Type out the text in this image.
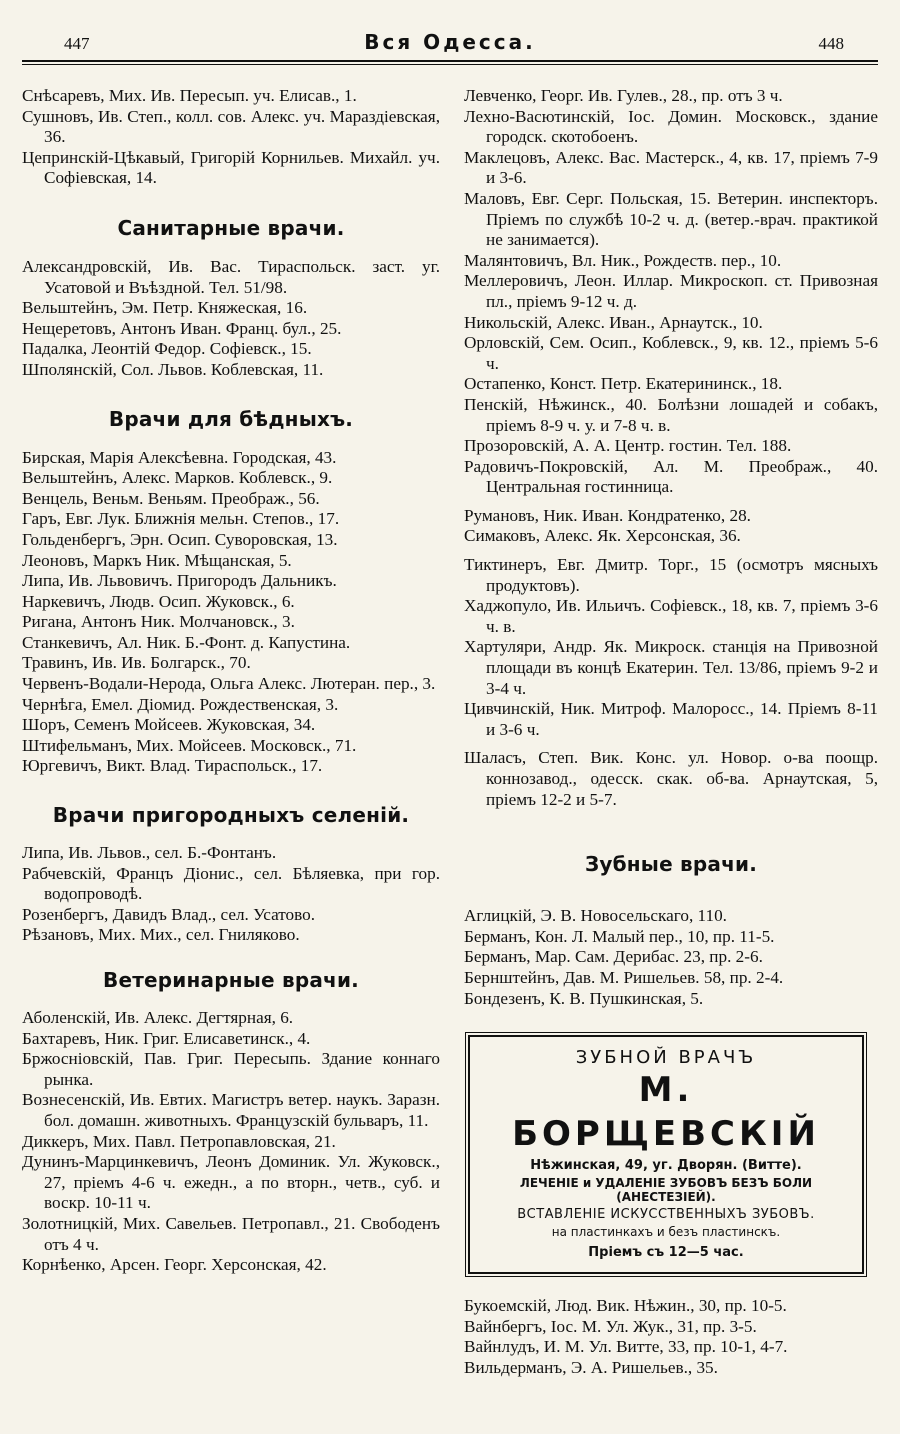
447	Вся Одесса.	448

Снѣсаревъ, Мих. Ив. Пересып. уч. Елисав., 1.

Сушновъ, Ив. Степ., колл. сов. Алекс. уч. Мараздіевская, 36.

Цепринскій-Цѣкавый, Григорій Корнильев. Михайл. уч. Софіевская, 14.

Санитарные врачи.

Александровскій, Ив. Вас. Тираспольск. заст. уг. Усатовой и Въѣздной. Тел. 51/98.

Вельштейнъ, Эм. Петр. Княжеская, 16.

Нещеретовъ, Антонъ Иван. Франц. бул., 25.

Падалка, Леонтій Федор. Софіевск., 15.

Шполянскій, Сол. Львов. Коблевская, 11.

Врачи для бѣдныхъ.

Бирская, Марія Алексѣевна. Городская, 43.

Вельштейнъ, Алекс. Марков. Коблевск., 9.

Венцель, Веньм. Веньям. Преображ., 56.

Гаръ, Евг. Лук. Ближнія мельн. Степов., 17.

Гольденбергъ, Эрн. Осип. Суворовская, 13.

Леоновъ, Маркъ Ник. Мѣщанская, 5.

Липа, Ив. Львовичъ. Пригородъ Дальникъ.

Наркевичъ, Людв. Осип. Жуковск., 6.

Ригана, Антонъ Ник. Молчановск., 3.

Станкевичъ, Ал. Ник. Б.-Фонт. д. Капустина.

Травинъ, Ив. Ив. Болгарск., 70.

Червенъ-Водали-Нерода, Ольга Алекс. Лютеран. пер., 3.

Чернѣга, Емел. Діомид. Рождественская, 3.

Шоръ, Семенъ Мойсеев. Жуковская, 34.

Штифельманъ, Мих. Мойсеев. Московск., 71.

Юргевичъ, Викт. Влад. Тираспольск., 17.

Врачи пригородныхъ селеній.

Липа, Ив. Львов., сел. Б.-Фонтанъ.

Рабчевскій, Францъ Діонис., сел. Бѣляевка, при гор. водопроводѣ.

Розенбергъ, Давидъ Влад., сел. Усатово.

Рѣзановъ, Мих. Мих., сел. Гниляково.

Ветеринарные врачи.

Аболенскій, Ив. Алекс. Дегтярная, 6.

Бахтаревъ, Ник. Григ. Елисаветинск., 4.

Бржосніовскій, Пав. Григ. Пересыпь. Здание коннаго рынка.

Вознесенскій, Ив. Евтих. Магистръ ветер. наукъ. Заразн. бол. домашн. животныхъ. Французскій бульваръ, 11.

Диккеръ, Мих. Павл. Петропавловская, 21.

Дунинъ-Марцинкевичъ, Леонъ Доминик. Ул. Жуковск., 27, пріемъ 4-6 ч. ежедн., а по вторн., четв., суб. и воскр. 10-11 ч.

Золотницкій, Мих. Савельев. Петропавл., 21. Свободенъ отъ 4 ч.

Корнѣенко, Арсен. Георг. Херсонская, 42.

Левченко, Георг. Ив. Гулев., 28., пр. отъ 3 ч.

Лехно-Васютинскій, Іос. Домин. Московск., здание городск. скотобоенъ.

Маклецовъ, Алекс. Вас. Мастерск., 4, кв. 17, пріемъ 7-9 и 3-6.

Маловъ, Евг. Серг. Польская, 15. Ветерин. инспекторъ. Пріемъ по службѣ 10-2 ч. д. (ветер.-врач. практикой не занимается).

Малянтовичъ, Вл. Ник., Рождеств. пер., 10.

Меллеровичъ, Леон. Иллар. Микроскоп. ст. Привозная пл., пріемъ 9-12 ч. д.

Никольскій, Алекс. Иван., Арнаутск., 10.

Орловскій, Сем. Осип., Коблевск., 9, кв. 12., пріемъ 5-6 ч.

Остапенко, Конст. Петр. Екатерининск., 18.

Пенскій, Нѣжинск., 40. Болѣзни лошадей и собакъ, пріемъ 8-9 ч. у. и 7-8 ч. в.

Прозоровскій, А. А. Центр. гостин. Тел. 188.

Радовичъ-Покровскій, Ал. М. Преображ., 40. Центральная гостинница.

Румановъ, Ник. Иван. Кондратенко, 28.

Симаковъ, Алекс. Як. Херсонская, 36.

Тиктинеръ, Евг. Дмитр. Торг., 15 (осмотръ мясныхъ продуктовъ).

Хаджопуло, Ив. Ильичъ. Софіевск., 18, кв. 7, пріемъ 3-6 ч. в.

Хартуляри, Андр. Як. Микроск. станція на Привозной площади въ концѣ Екатерин. Тел. 13/86, пріемъ 9-2 и 3-4 ч.

Цивчинскій, Ник. Митроф. Малоросс., 14. Пріемъ 8-11 и 3-6 ч.

Шаласъ, Степ. Вик. Конс. ул. Новор. о-ва поощр. коннозавод., одесск. скак. об-ва. Арнаутская, 5, пріемъ 12-2 и 5-7.

Зубные врачи.

Аглицкій, Э. В. Новосельскаго, 110.

Берманъ, Кон. Л. Малый пер., 10, пр. 11-5.

Берманъ, Мар. Сам. Дерибас. 23, пр. 2-6.

Бернштейнъ, Дав. М. Ришельев. 58, пр. 2-4.

Бондезенъ, К. В. Пушкинская, 5.

ЗУБНОЙ ВРАЧЪ
М. БОРЩЕВСКІЙ
Нѣжинская, 49, уг. Дворян. (Витте).
ЛЕЧЕНІЕ и УДАЛЕНІЕ ЗУБОВЪ БЕЗЪ БОЛИ (АНЕСТЕЗІЕЙ).
ВСТАВЛЕНІЕ ИСКУССТВЕННЫХЪ ЗУБОВЪ.
на пластинкахъ и безъ пластинскъ.
Пріемъ съ 12—5 час.

Букоемскій, Люд. Вик. Нѣжин., 30, пр. 10-5.

Вайнбергъ, Іос. М. Ул. Жук., 31, пр. 3-5.

Вайнлудъ, И. М. Ул. Витте, 33, пр. 10-1, 4-7.

Вильдерманъ, Э. А. Ришельев., 35.
